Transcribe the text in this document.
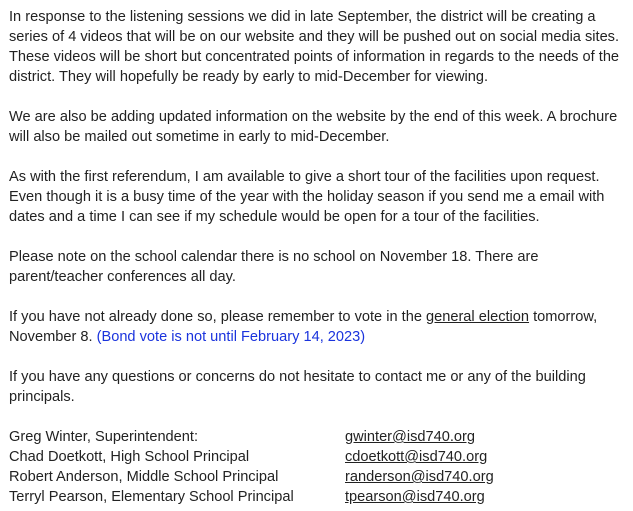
In response to the listening sessions we did in late September, the district will be creating a series of 4 videos that will be on our website and they will be pushed out on social media sites. These videos will be short but concentrated points of information in regards to the needs of the district. They will hopefully be ready by early to mid-December for viewing.

We are also be adding updated information on the website by the end of this week. A brochure will also be mailed out sometime in early to mid-December.

As with the first referendum, I am available to give a short tour of the facilities upon request. Even though it is a busy time of the year with the holiday season if you send me a email with dates and a time I can see if my schedule would be open for a tour of the facilities.

Please note on the school calendar there is no school on November 18. There are parent/teacher conferences all day.

If you have not already done so, please remember to vote in the general election tomorrow, November 8. (Bond vote is not until February 14, 2023)

If you have any questions or concerns do not hesitate to contact me or any of the building principals.

Greg Winter, Superintendent:	gwinter@isd740.org
Chad Doetkott, High School Principal	cdoetkott@isd740.org
Robert Anderson, Middle School Principal	randerson@isd740.org
Terryl Pearson, Elementary School Principal	tpearson@isd740.org
